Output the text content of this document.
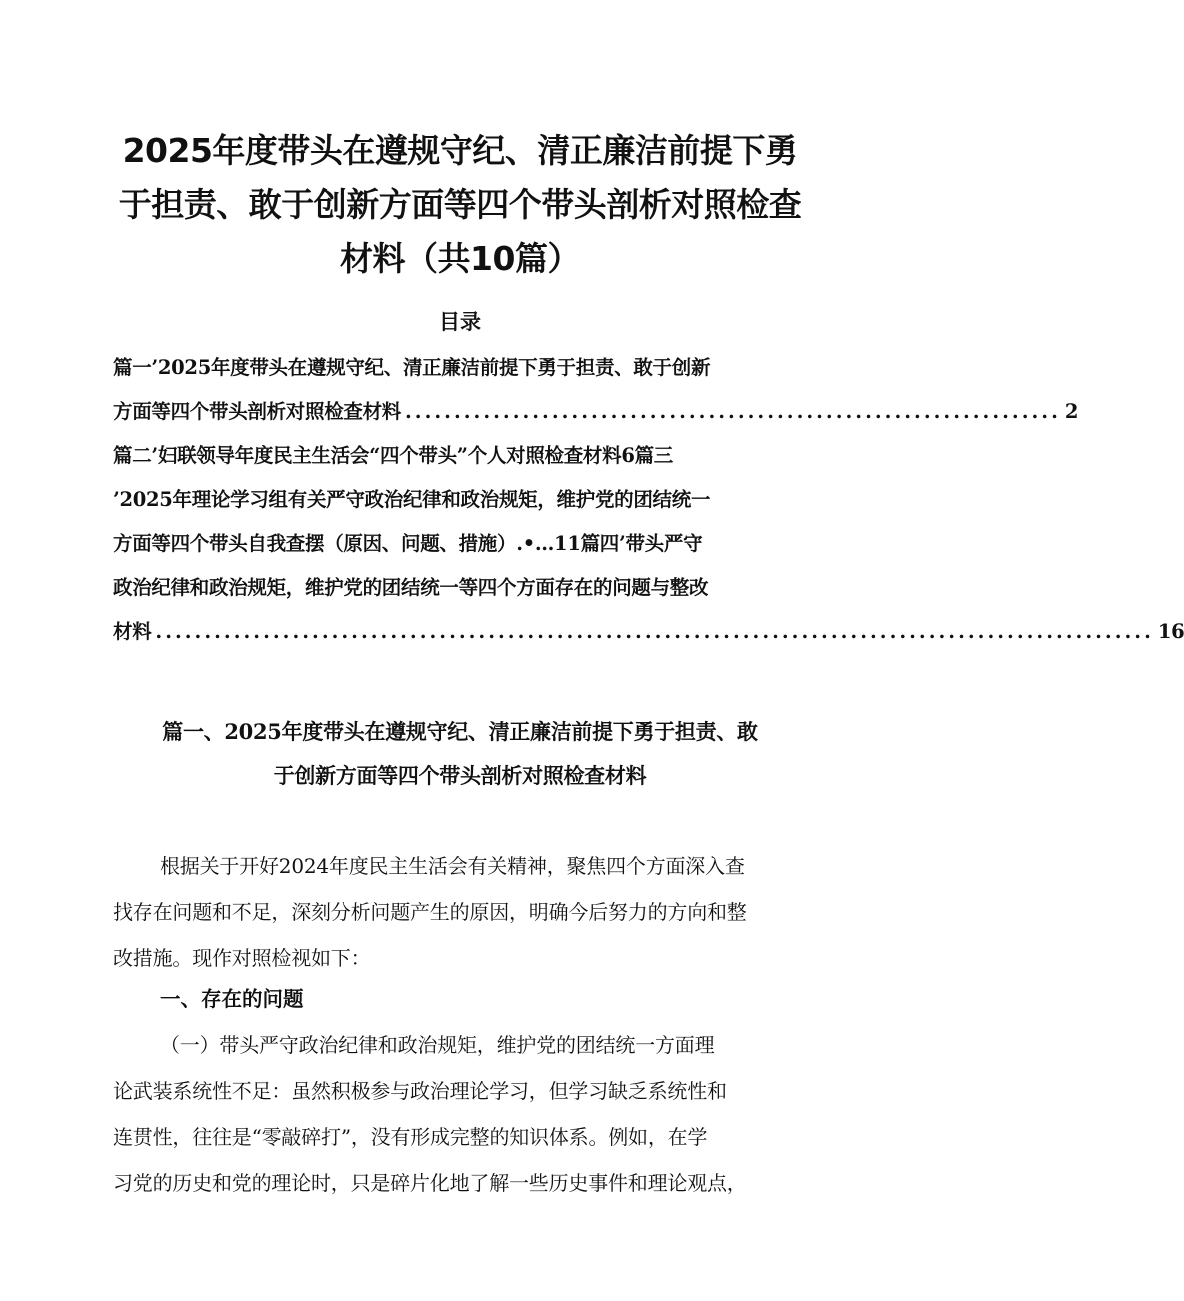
2025年度带头在遵规守纪、清正廉洁前提下勇
于担责、敢于创新方面等四个带头剖析对照检查
材料（共10篇）
目录
篇一’2025年度带头在遵规守纪、清正廉洁前提下勇于担责、敢于创新
方面等四个带头剖析对照检查材料 ................................................................... 2
篇二’妇联领导年度民主生活会“四个带头”个人对照检查材料6篇三
’2025年理论学习组有关严守政治纪律和政治规矩，维护党的团结统一
方面等四个带头自我查摆（原因、问题、措施）.•…11篇四’带头严守
政治纪律和政治规矩，维护党的团结统一等四个方面存在的问题与整改
材料 ...................................................................................................... 16
篇一、2025年度带头在遵规守纪、清正廉洁前提下勇于担责、敢
于创新方面等四个带头剖析对照检查材料
根据关于开好2024年度民主生活会有关精神，聚焦四个方面深入查
找存在问题和不足，深刻分析问题产生的原因，明确今后努力的方向和整
改措施。现作对照检视如下：
一、存在的问题
（一）带头严守政治纪律和政治规矩，维护党的团结统一方面理
论武装系统性不足：虽然积极参与政治理论学习，但学习缺乏系统性和
连贯性，往往是“零敲碎打”，没有形成完整的知识体系。例如，在学
习党的历史和党的理论时，只是碎片化地了解一些历史事件和理论观点，
